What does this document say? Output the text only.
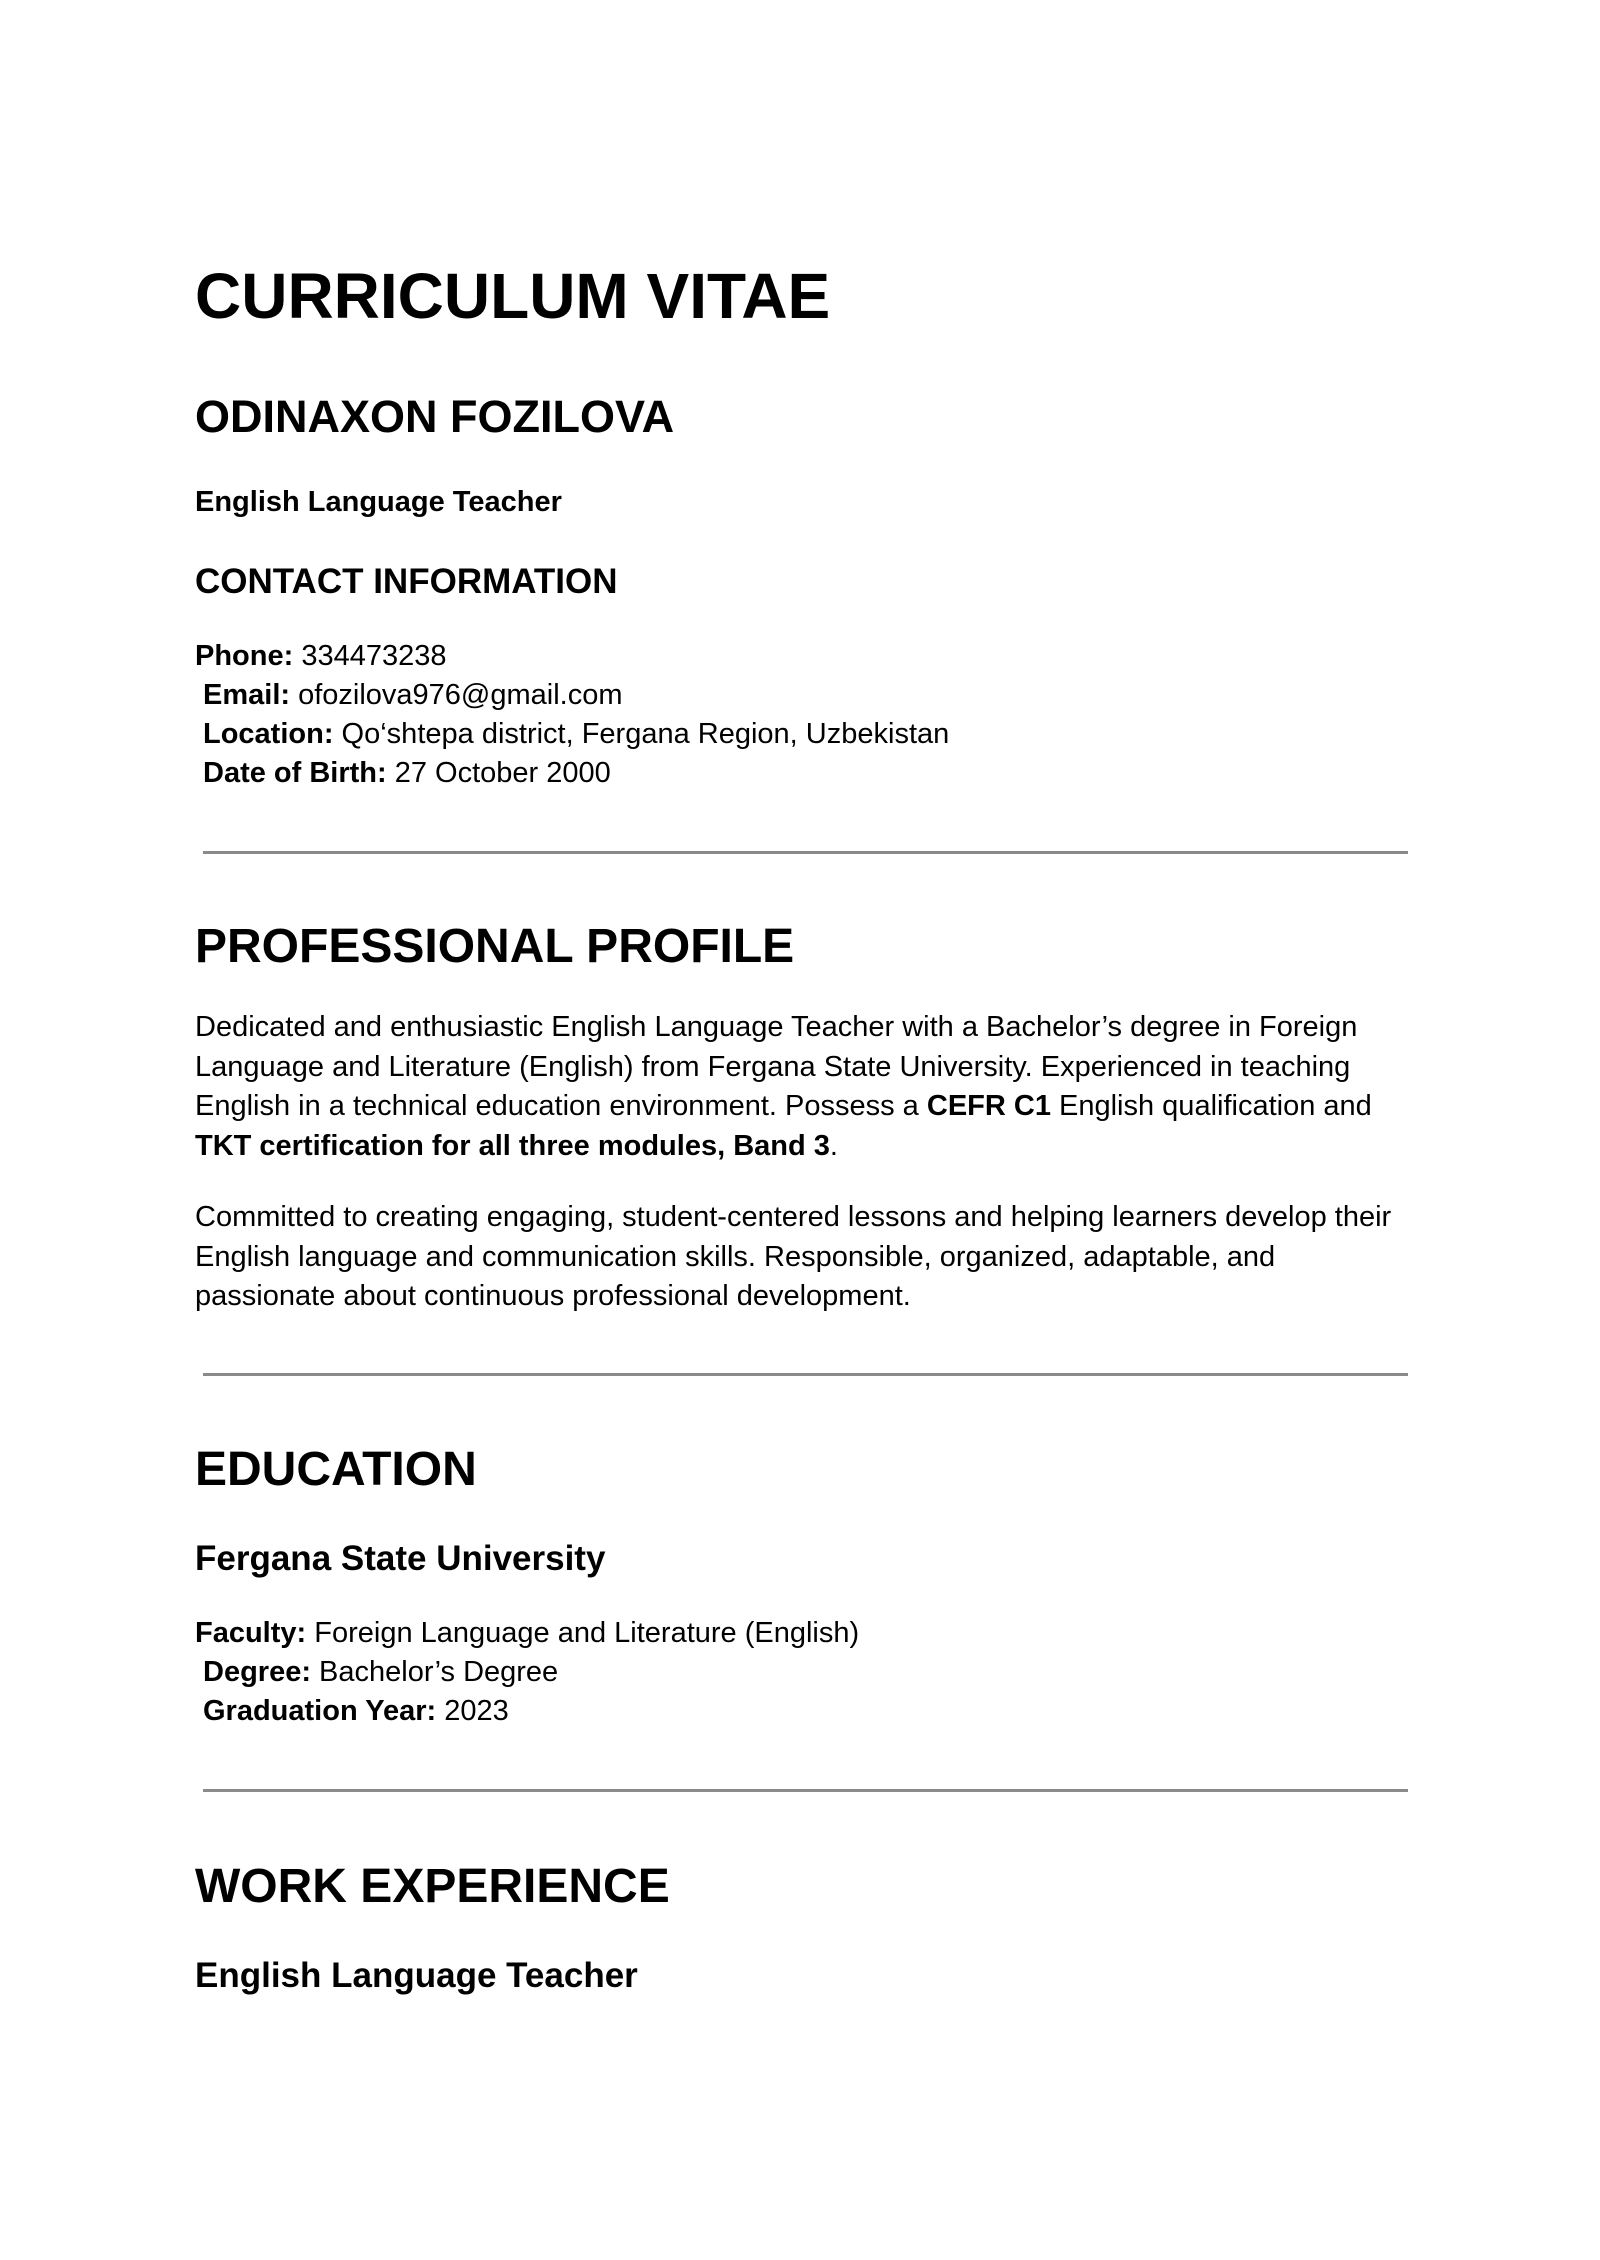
CURRICULUM VITAE
ODINAXON FOZILOVA
English Language Teacher
CONTACT INFORMATION
Phone: 334473238
Email: ofozilova976@gmail.com
Location: Qo‘shtepa district, Fergana Region, Uzbekistan
Date of Birth: 27 October 2000
PROFESSIONAL PROFILE

Dedicated and enthusiastic English Language Teacher with a Bachelor’s degree in Foreign Language and Literature (English) from Fergana State University. Experienced in teaching English in a technical education environment. Possess a CEFR C1 English qualification and TKT certification for all three modules, Band 3.

Committed to creating engaging, student-centered lessons and helping learners develop their English language and communication skills. Responsible, organized, adaptable, and passionate about continuous professional development.

EDUCATION
Fergana State University
Faculty: Foreign Language and Literature (English)
Degree: Bachelor’s Degree
Graduation Year: 2023
WORK EXPERIENCE
English Language Teacher
